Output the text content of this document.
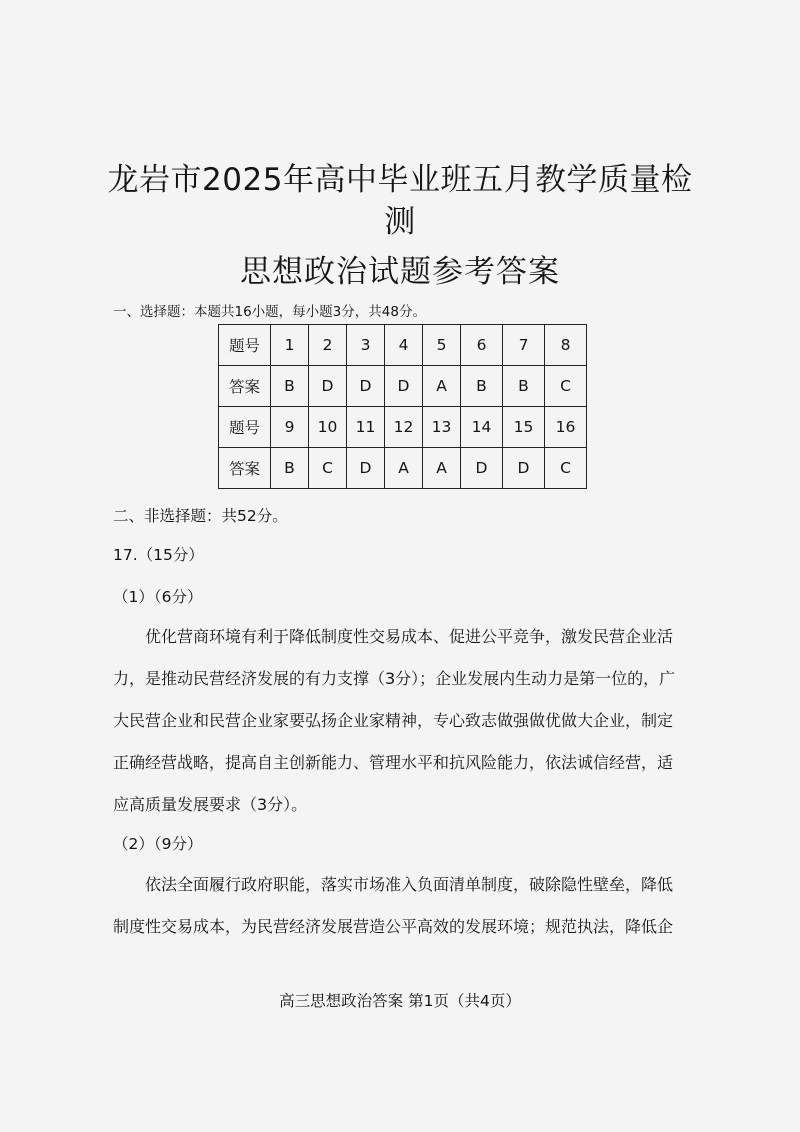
龙岩市2025年高中毕业班五月教学质量检
测
思想政治试题参考答案
一、选择题：本题共16小题，每小题3分，共48分。
题号	1	2	3	4	5	6	7	8
答案	B	D	D	D	A	B	B	C
题号	9	10	11	12	13	14	15	16
答案	B	C	D	A	A	D	D	C
二、非选择题：共52分。
17.（15分）
（1）（6分）
优化营商环境有利于降低制度性交易成本、促进公平竞争，激发民营企业活
力，是推动民营经济发展的有力支撑（3分）；企业发展内生动力是第一位的，广
大民营企业和民营企业家要弘扬企业家精神，专心致志做强做优做大企业，制定
正确经营战略，提高自主创新能力、管理水平和抗风险能力，依法诚信经营，适
应高质量发展要求（3分）。
（2）（9分）
依法全面履行政府职能，落实市场准入负面清单制度，破除隐性壁垒，降低
制度性交易成本，为民营经济发展营造公平高效的发展环境；规范执法，降低企
高三思想政治答案 第1页（共4页）
